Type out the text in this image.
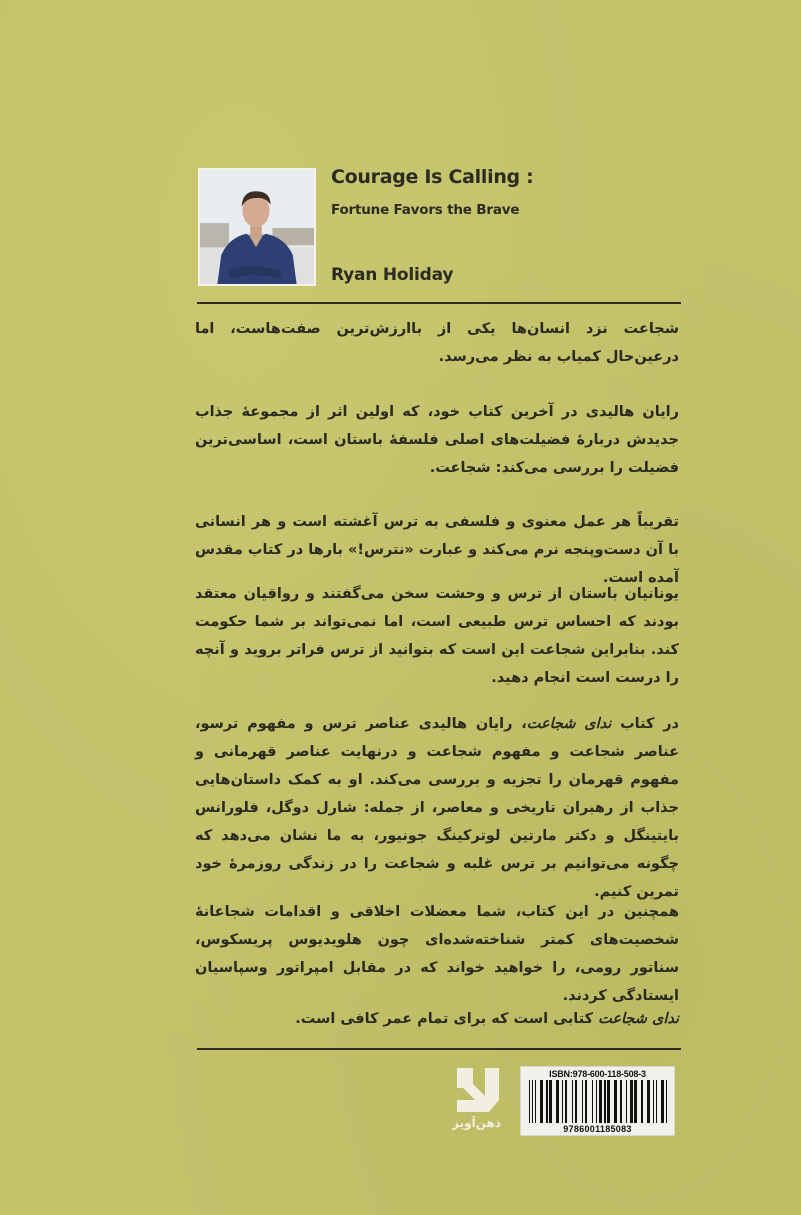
Courage Is Calling :
Fortune Favors the Brave
Ryan Holiday

شجاعت نزد انسان‌ها یکی از باارزش‌ترین صفت‌هاست، اما درعین‌حال کمیاب به نظر می‌رسد.

رایان هالیدی در آخرین کتاب خود، که اولین اثر از مجموعهٔ جذاب جدیدش دربارهٔ فضیلت‌های اصلی فلسفهٔ باستان است، اساسی‌ترین فضیلت را بررسی می‌کند: شجاعت.

تقریباً هر عمل معنوی و فلسفی به ترس آغشته است و هر انسانی با آن دست‌وپنجه نرم می‌کند و عبارت «نترس!» بارها در کتاب مقدس آمده است.

یونانیان باستان از ترس و وحشت سخن می‌گفتند و رواقیان معتقد بودند که احساس ترس طبیعی است، اما نمی‌تواند بر شما حکومت کند. بنابراین شجاعت این است که بتوانید از ترس فراتر بروید و آنچه را درست است انجام دهید.

در کتاب ندای شجاعت، رایان هالیدی عناصر ترس و مفهوم ترسو، عناصر شجاعت و مفهوم شجاعت و درنهایت عناصر قهرمانی و مفهوم قهرمان را تجزیه و بررسی می‌کند. او به کمک داستان‌هایی جذاب از رهبران تاریخی و معاصر، از جمله: شارل دوگل، فلورانس بایتینگل و دکتر مارتین لوترکینگ جونیور، به ما نشان می‌دهد که چگونه می‌توانیم بر ترس غلبه و شجاعت را در زندگی روزمرهٔ خود تمرین کنیم.

همچنین در این کتاب، شما معضلات اخلاقی و اقدامات شجاعانهٔ شخصیت‌های کمتر شناخته‌شده‌ای چون هلویدیوس پریسکوس، سناتور رومی، را خواهید خواند که در مقابل امپراتور وسپاسیان ایستادگی کردند.

ندای شجاعت کتابی است که برای تمام عمر کافی است.

ذهن‌آویز
ISBN:978-600-118-508-3
9786001185083
